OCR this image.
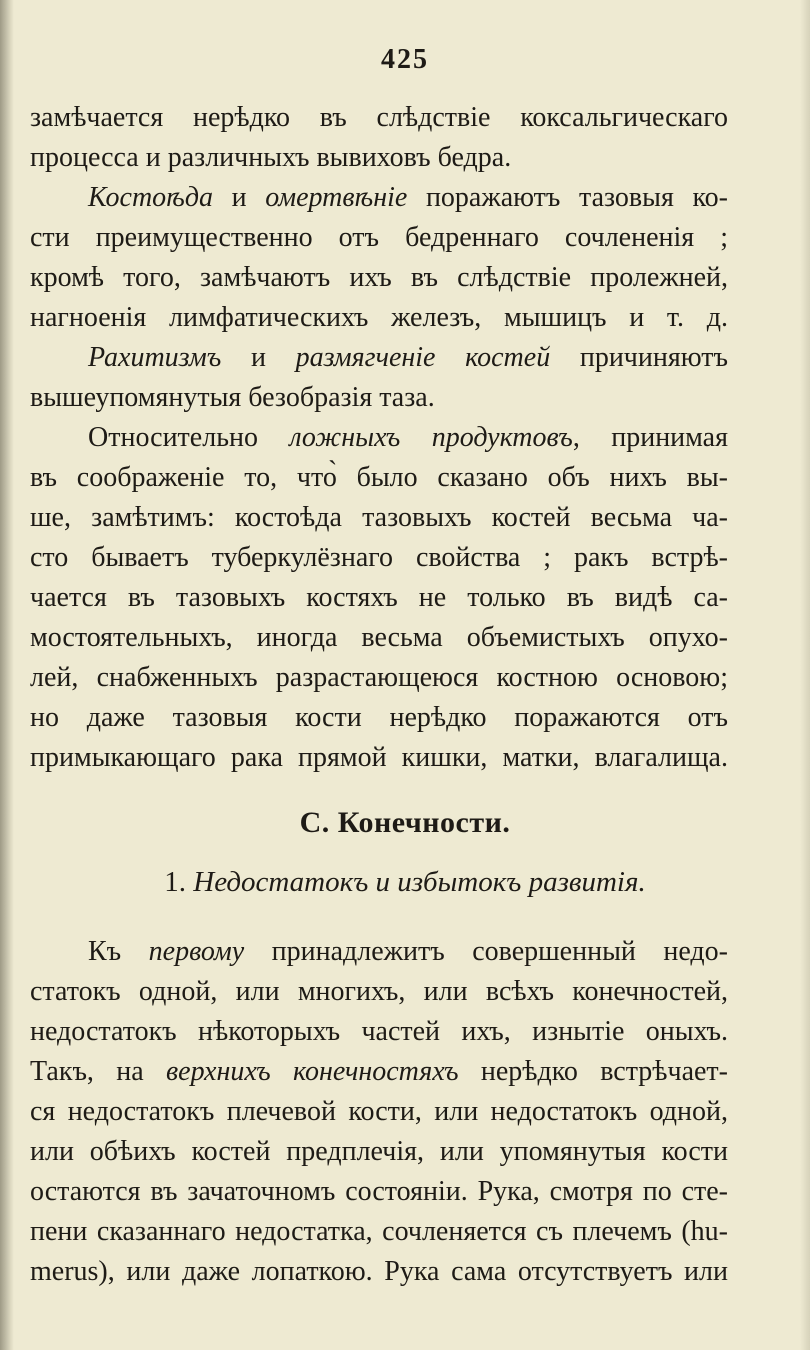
425
замѣчается нерѣдко въ слѣдствіе коксальгическаго
процесса и различныхъ вывиховъ бедра.
Костоѣда и омертвѣніе поражаютъ тазовыя ко-
сти преимущественно отъ бедреннаго сочлененія ;
кромѣ того, замѣчаютъ ихъ въ слѣдствіе пролежней,
нагноенія лимфатическихъ железъ, мышицъ и т. д.
Рахитизмъ и размягченіе костей причиняютъ
вышеупомянутыя безобразія таза.
Относительно ложныхъ продуктовъ, принимая
въ соображеніе то, что̀ было сказано объ нихъ вы-
ше, замѣтимъ: костоѣда тазовыхъ костей весьма ча-
сто бываетъ туберкулёзнаго свойства ; ракъ встрѣ-
чается въ тазовыхъ костяхъ не только въ видѣ са-
мостоятельныхъ, иногда весьма объемистыхъ опухо-
лей, снабженныхъ разрастающеюся костною основою;
но даже тазовыя кости нерѣдко поражаются отъ
примыкающаго рака прямой кишки, матки, влагалища.
С. Конечности.
1. Недостатокъ и избытокъ развитія.
Къ первому принадлежитъ совершенный недо-
статокъ одной, или многихъ, или всѣхъ конечностей,
недостатокъ нѣкоторыхъ частей ихъ, изнытіе оныхъ.
Такъ, на верхнихъ конечностяхъ нерѣдко встрѣчает-
ся недостатокъ плечевой кости, или недостатокъ одной,
или обѣихъ костей предплечія, или упомянутыя кости
остаются въ зачаточномъ состояніи. Рука, смотря по сте-
пени сказаннаго недостатка, сочленяется съ плечемъ (hu-
merus), или даже лопаткою. Рука сама отсутствуетъ или
